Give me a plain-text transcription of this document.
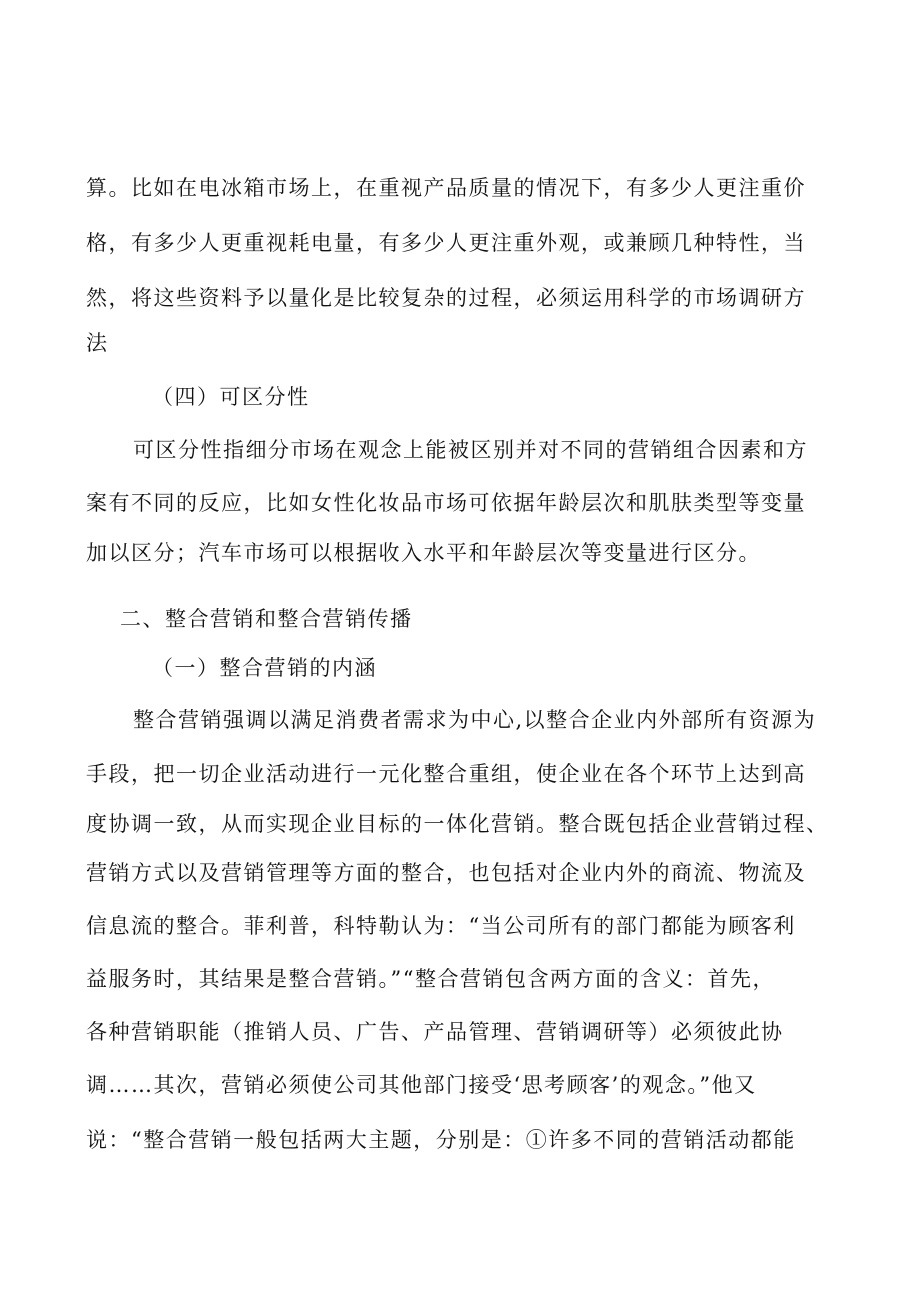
算。比如在电冰箱市场上，在重视产品质量的情况下，有多少人更注重价
格，有多少人更重视耗电量，有多少人更注重外观，或兼顾几种特性，当
然，将这些资料予以量化是比较复杂的过程，必须运用科学的市场调研方
法
（四）可区分性
可区分性指细分市场在观念上能被区别并对不同的营销组合因素和方
案有不同的反应，比如女性化妆品市场可依据年龄层次和肌肤类型等变量
加以区分；汽车市场可以根据收入水平和年龄层次等变量进行区分。
二、整合营销和整合营销传播
（一）整合营销的内涵
整合营销强调以满足消费者需求为中心,以整合企业内外部所有资源为
手段，把一切企业活动进行一元化整合重组，使企业在各个环节上达到高
度协调一致，从而实现企业目标的一体化营销。整合既包括企业营销过程、
营销方式以及营销管理等方面的整合，也包括对企业内外的商流、物流及
信息流的整合。菲利普，科特勒认为：“当公司所有的部门都能为顾客利
益服务时，其结果是整合营销。”“整合营销包含两方面的含义：首先，
各种营销职能（推销人员、广告、产品管理、营销调研等）必须彼此协
调……其次，营销必须使公司其他部门接受‘思考顾客’的观念。”他又
说：“整合营销一般包括两大主题，分别是：①许多不同的营销活动都能
